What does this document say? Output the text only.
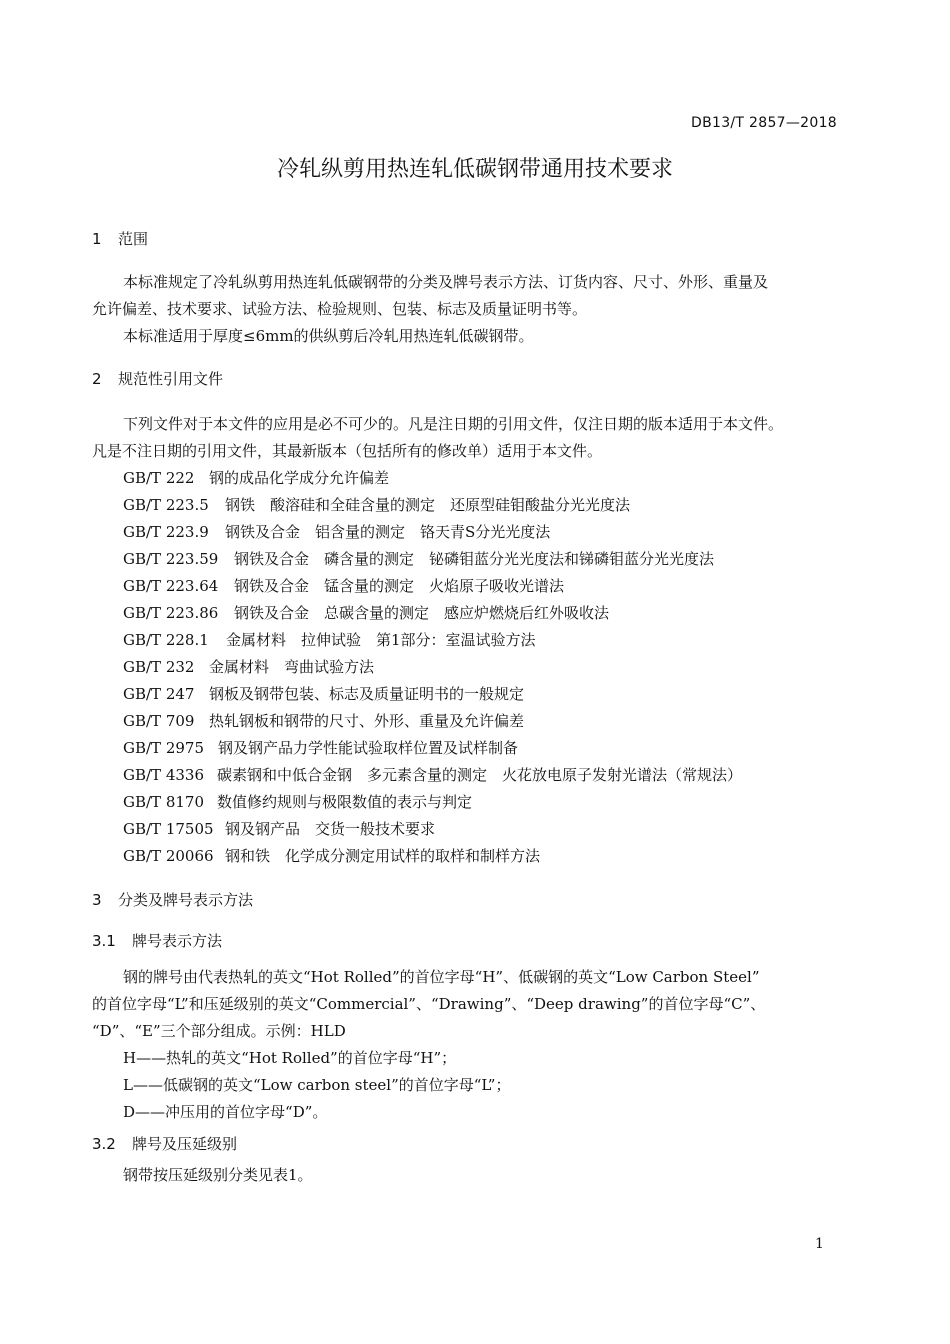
DB13/T 2857—2018
冷轧纵剪用热连轧低碳钢带通用技术要求
1 范围
本标准规定了冷轧纵剪用热连轧低碳钢带的分类及牌号表示方法、订货内容、尺寸、外形、重量及
允许偏差、技术要求、试验方法、检验规则、包装、标志及质量证明书等。
本标准适用于厚度≤6mm的供纵剪后冷轧用热连轧低碳钢带。
2 规范性引用文件
下列文件对于本文件的应用是必不可少的。凡是注日期的引用文件，仅注日期的版本适用于本文件。
凡是不注日期的引用文件，其最新版本（包括所有的修改单）适用于本文件。
GB/T 222 钢的成品化学成分允许偏差
GB/T 223.5 钢铁　酸溶硅和全硅含量的测定　还原型硅钼酸盐分光光度法
GB/T 223.9 钢铁及合金　铝含量的测定　铬天青S分光光度法
GB/T 223.59 钢铁及合金　磷含量的测定　铋磷钼蓝分光光度法和锑磷钼蓝分光光度法
GB/T 223.64 钢铁及合金　锰含量的测定　火焰原子吸收光谱法
GB/T 223.86 钢铁及合金　总碳含量的测定　感应炉燃烧后红外吸收法
GB/T 228.1 金属材料　拉伸试验　第1部分：室温试验方法
GB/T 232 金属材料　弯曲试验方法
GB/T 247 钢板及钢带包装、标志及质量证明书的一般规定
GB/T 709 热轧钢板和钢带的尺寸、外形、重量及允许偏差
GB/T 2975 钢及钢产品力学性能试验取样位置及试样制备
GB/T 4336 碳素钢和中低合金钢　多元素含量的测定　火花放电原子发射光谱法（常规法）
GB/T 8170 数值修约规则与极限数值的表示与判定
GB/T 17505 钢及钢产品　交货一般技术要求
GB/T 20066 钢和铁　化学成分测定用试样的取样和制样方法
3 分类及牌号表示方法
3.1 牌号表示方法
钢的牌号由代表热轧的英文“Hot Rolled”的首位字母“H”、低碳钢的英文“Low Carbon Steel”
的首位字母“L”和压延级别的英文“Commercial”、“Drawing”、“Deep drawing”的首位字母“C”、
“D”、“E”三个部分组成。示例：HLD
H——热轧的英文“Hot Rolled”的首位字母“H”；
L——低碳钢的英文“Low carbon steel”的首位字母“L”；
D——冲压用的首位字母“D”。
3.2 牌号及压延级别
钢带按压延级别分类见表1。
1
